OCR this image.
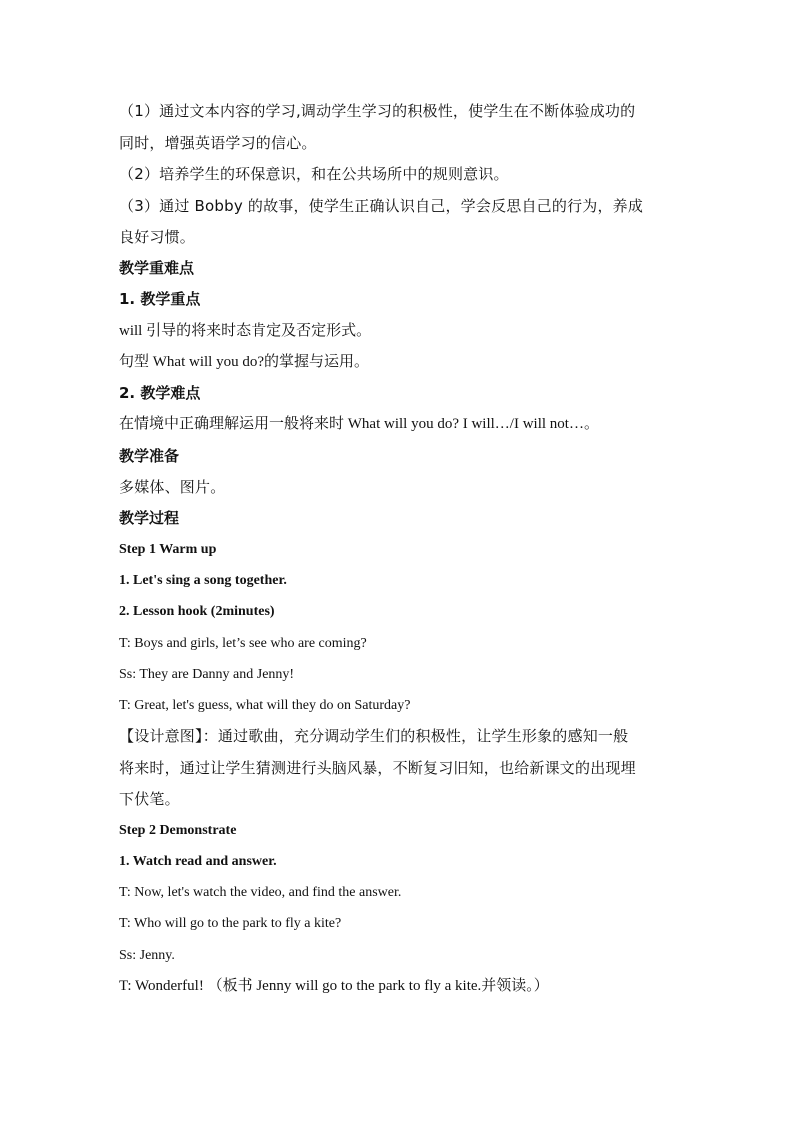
（1）通过文本内容的学习,调动学生学习的积极性，使学生在不断体验成功的
同时，增强英语学习的信心。
（2）培养学生的环保意识，和在公共场所中的规则意识。
（3）通过 Bobby 的故事，使学生正确认识自己，学会反思自己的行为，养成
良好习惯。
教学重难点
1. 教学重点
will 引导的将来时态肯定及否定形式。
句型 What will you do?的掌握与运用。
2. 教学难点
在情境中正确理解运用一般将来时 What will you do? I will…/I will not…。
教学准备
多媒体、图片。
教学过程
Step 1 Warm up
1. Let's sing a song together.
2. Lesson hook (2minutes)
T: Boys and girls, let’s see who are coming?
Ss: They are Danny and Jenny!
T: Great, let's guess, what will they do on Saturday?
【设计意图】：通过歌曲，充分调动学生们的积极性，让学生形象的感知一般
将来时，通过让学生猜测进行头脑风暴，不断复习旧知，也给新课文的出现埋
下伏笔。
Step 2 Demonstrate
1. Watch read and answer.
T: Now, let's watch the video, and find the answer.
T: Who will go to the park to fly a kite?
Ss: Jenny.
T: Wonderful! （板书 Jenny will go to the park to fly a kite.并领读。）
